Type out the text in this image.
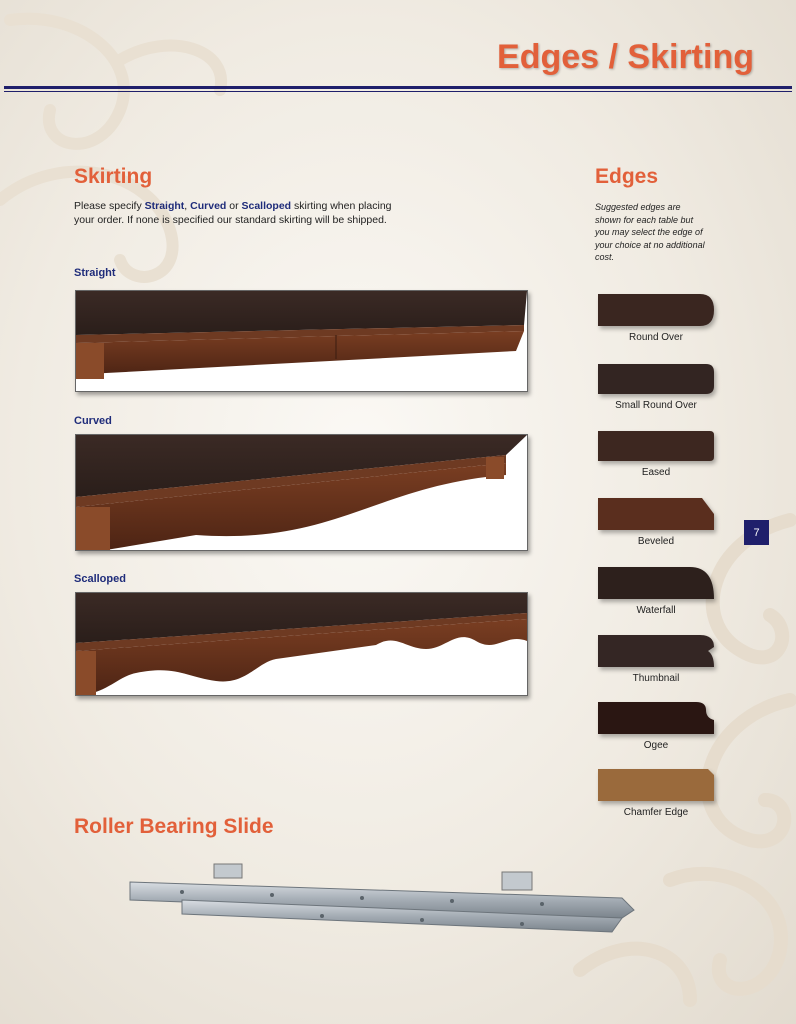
Edges / Skirting
Skirting
Please specify Straight, Curved or Scalloped skirting when placing your order. If none is specified our standard skirting will be shipped.
Straight
Curved
Scalloped
Edges
Suggested edges are shown for each table but you may select the edge of your choice at no additional cost.
Round Over
Small Round Over
Eased
Beveled
Waterfall
Thumbnail
Ogee
Chamfer Edge
7
Roller Bearing Slide
